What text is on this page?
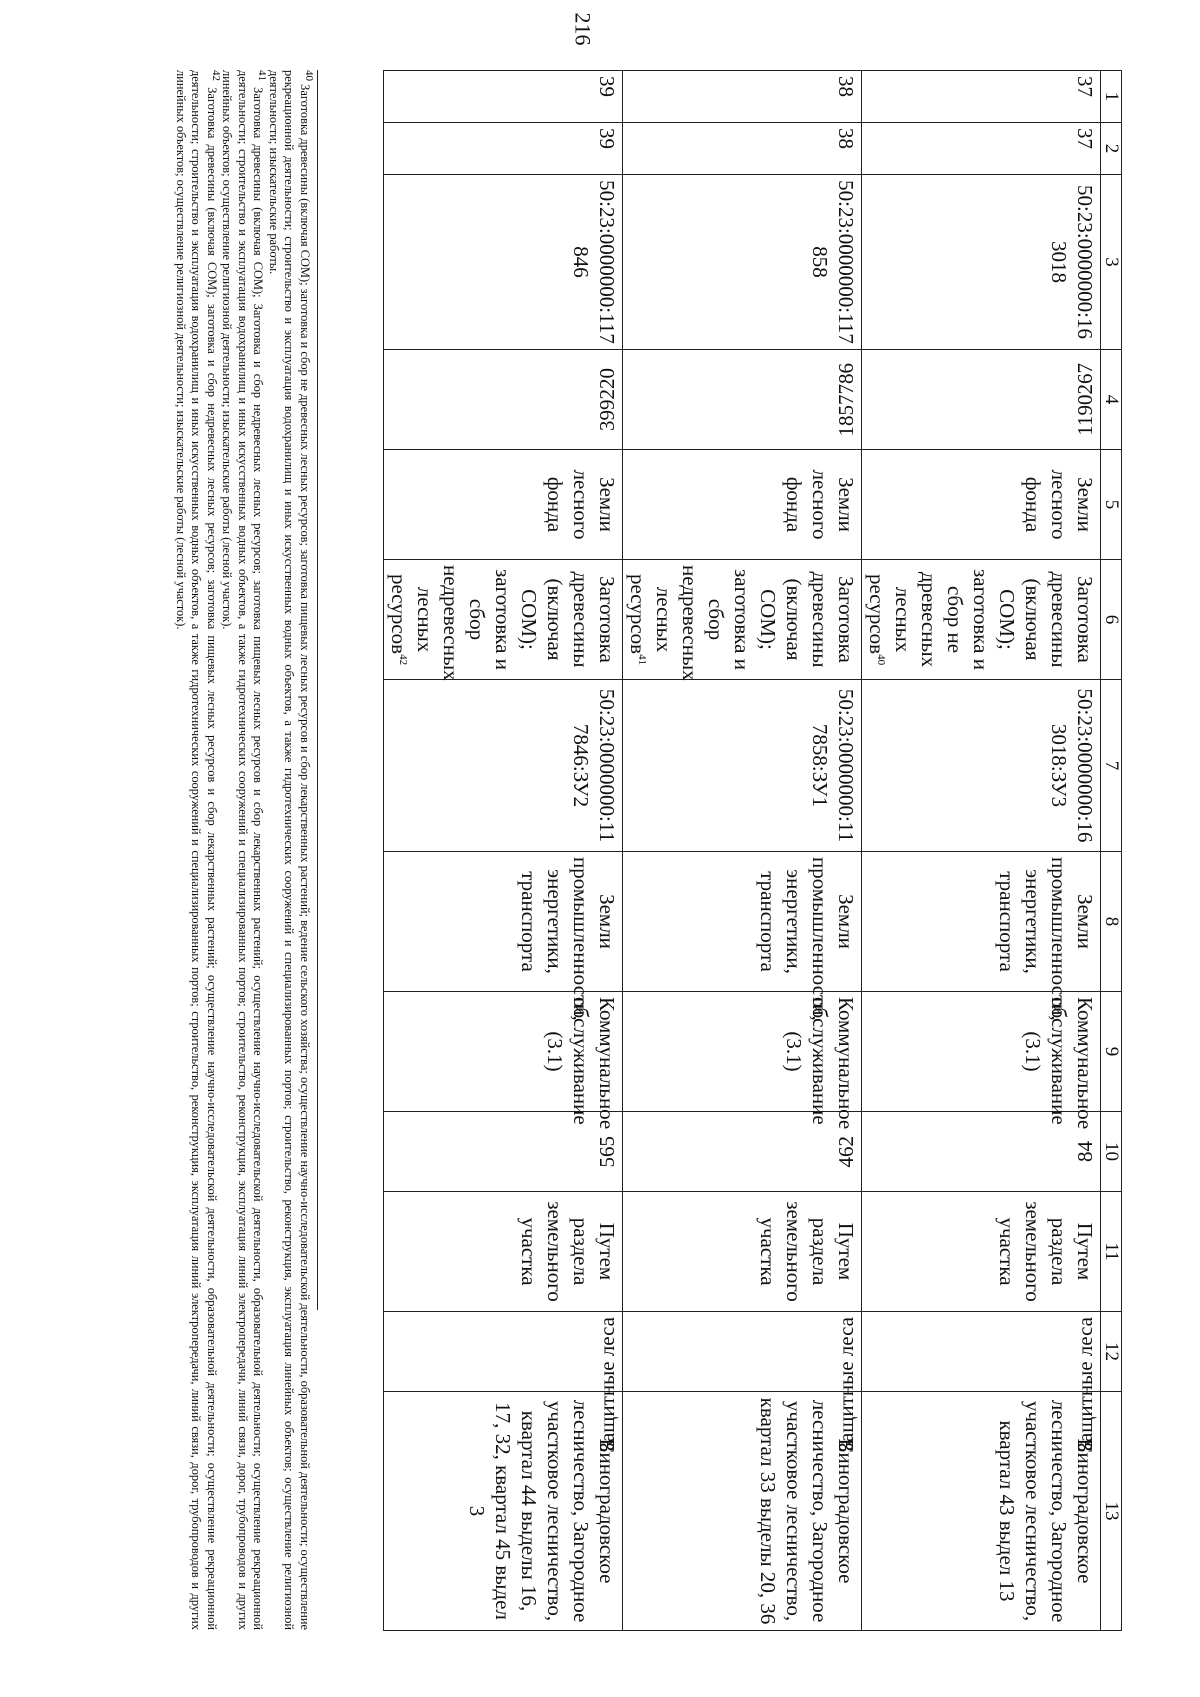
216
1	2	3	4	5	6	7	8	9	10	11	12	13
37	37	50:23:0000000:163018	1190267	Земли лесного фонда	Заготовка древесины (включая СОМ); заготовка и сбор не древесных лесных ресурсов$^{40}$	50:23:0000000:163018:ЗУ3	Земли промышленности, энергетики, транспорта	Коммунальное обслуживание (3.1)	84	Путем раздела земельного участка	Защитные леса	Виноградовское лесничество, Загородное участковое лесничество, квартал 43 выдел 13
38	38	50:23:0000000:117858	1857786	Земли лесного фонда	Заготовка древесины (включая СОМ); заготовка и сбор недревесных лесных ресурсов$^{41}$	50:23:0000000:117858:ЗУ1	Земли промышленности, энергетики, транспорта	Коммунальное обслуживание (3.1)	462	Путем раздела земельного участка	Защитные леса	Виноградовское лесничество, Загородное участковое лесничество, квартал 33 выделы 20, 36
39	39	50:23:0000000:117846	399220	Земли лесного фонда	Заготовка древесины (включая СОМ); заготовка и сбор недревесных лесных ресурсов$^{42}$	50:23:0000000:117846:ЗУ2	Земли промышленности, энергетики, транспорта	Коммунальное обслуживание (3.1)	565	Путем раздела земельного участка	Защитные леса	Виноградовское лесничество, Загородное участковое лесничество, квартал 44 выделы 16, 17, 32, квартал 45 выдел 3

$^{40}$ Заготовка древесины (включая СОМ); заготовка и сбор не древесных лесных ресурсов; заготовка пищевых лесных ресурсов и сбор лекарственных растений; ведение сельского хозяйства; осуществление научно-исследовательской деятельности, образовательной деятельности; осуществление рекреационной деятельности; строительство и эксплуатация водохранилищ и иных искусственных водных объектов, а также гидротехнических сооружений и специализированных портов; строительство, реконструкция, эксплуатация линейных объектов; осуществление религиозной деятельности; изыскательские работы.

$^{41}$ Заготовка древесины (включая СОМ); Заготовка и сбор недревесных лесных ресурсов; заготовка пищевых лесных ресурсов и сбор лекарственных растений; осуществление научно-исследовательской деятельности, образовательной деятельности; осуществление рекреационной деятельности; строительство и эксплуатация водохранилищ и иных искусственных водных объектов, а также гидротехнических сооружений и специализированных портов; строительство, реконструкция, эксплуатация линий электропередачи, линий связи, дорог, трубопроводов и других линейных объектов; осуществление религиозной деятельности; изыскательские работы (лесной участок).

$^{42}$ Заготовка древесины (включая СОМ); заготовка и сбор недревесных лесных ресурсов; заготовка пищевых лесных ресурсов и сбор лекарственных растений; осуществление научно-исследовательской деятельности, образовательной деятельности; осуществление рекреационной деятельности; строительство и эксплуатация водохранилищ и иных искусственных водных объектов, а также гидротехнических сооружений и специализированных портов; строительство, реконструкция, эксплуатация линий электропередачи, линий связи, дорог, трубопроводов и других линейных объектов; осуществление религиозной деятельности; изыскательские работы (лесной участок).
